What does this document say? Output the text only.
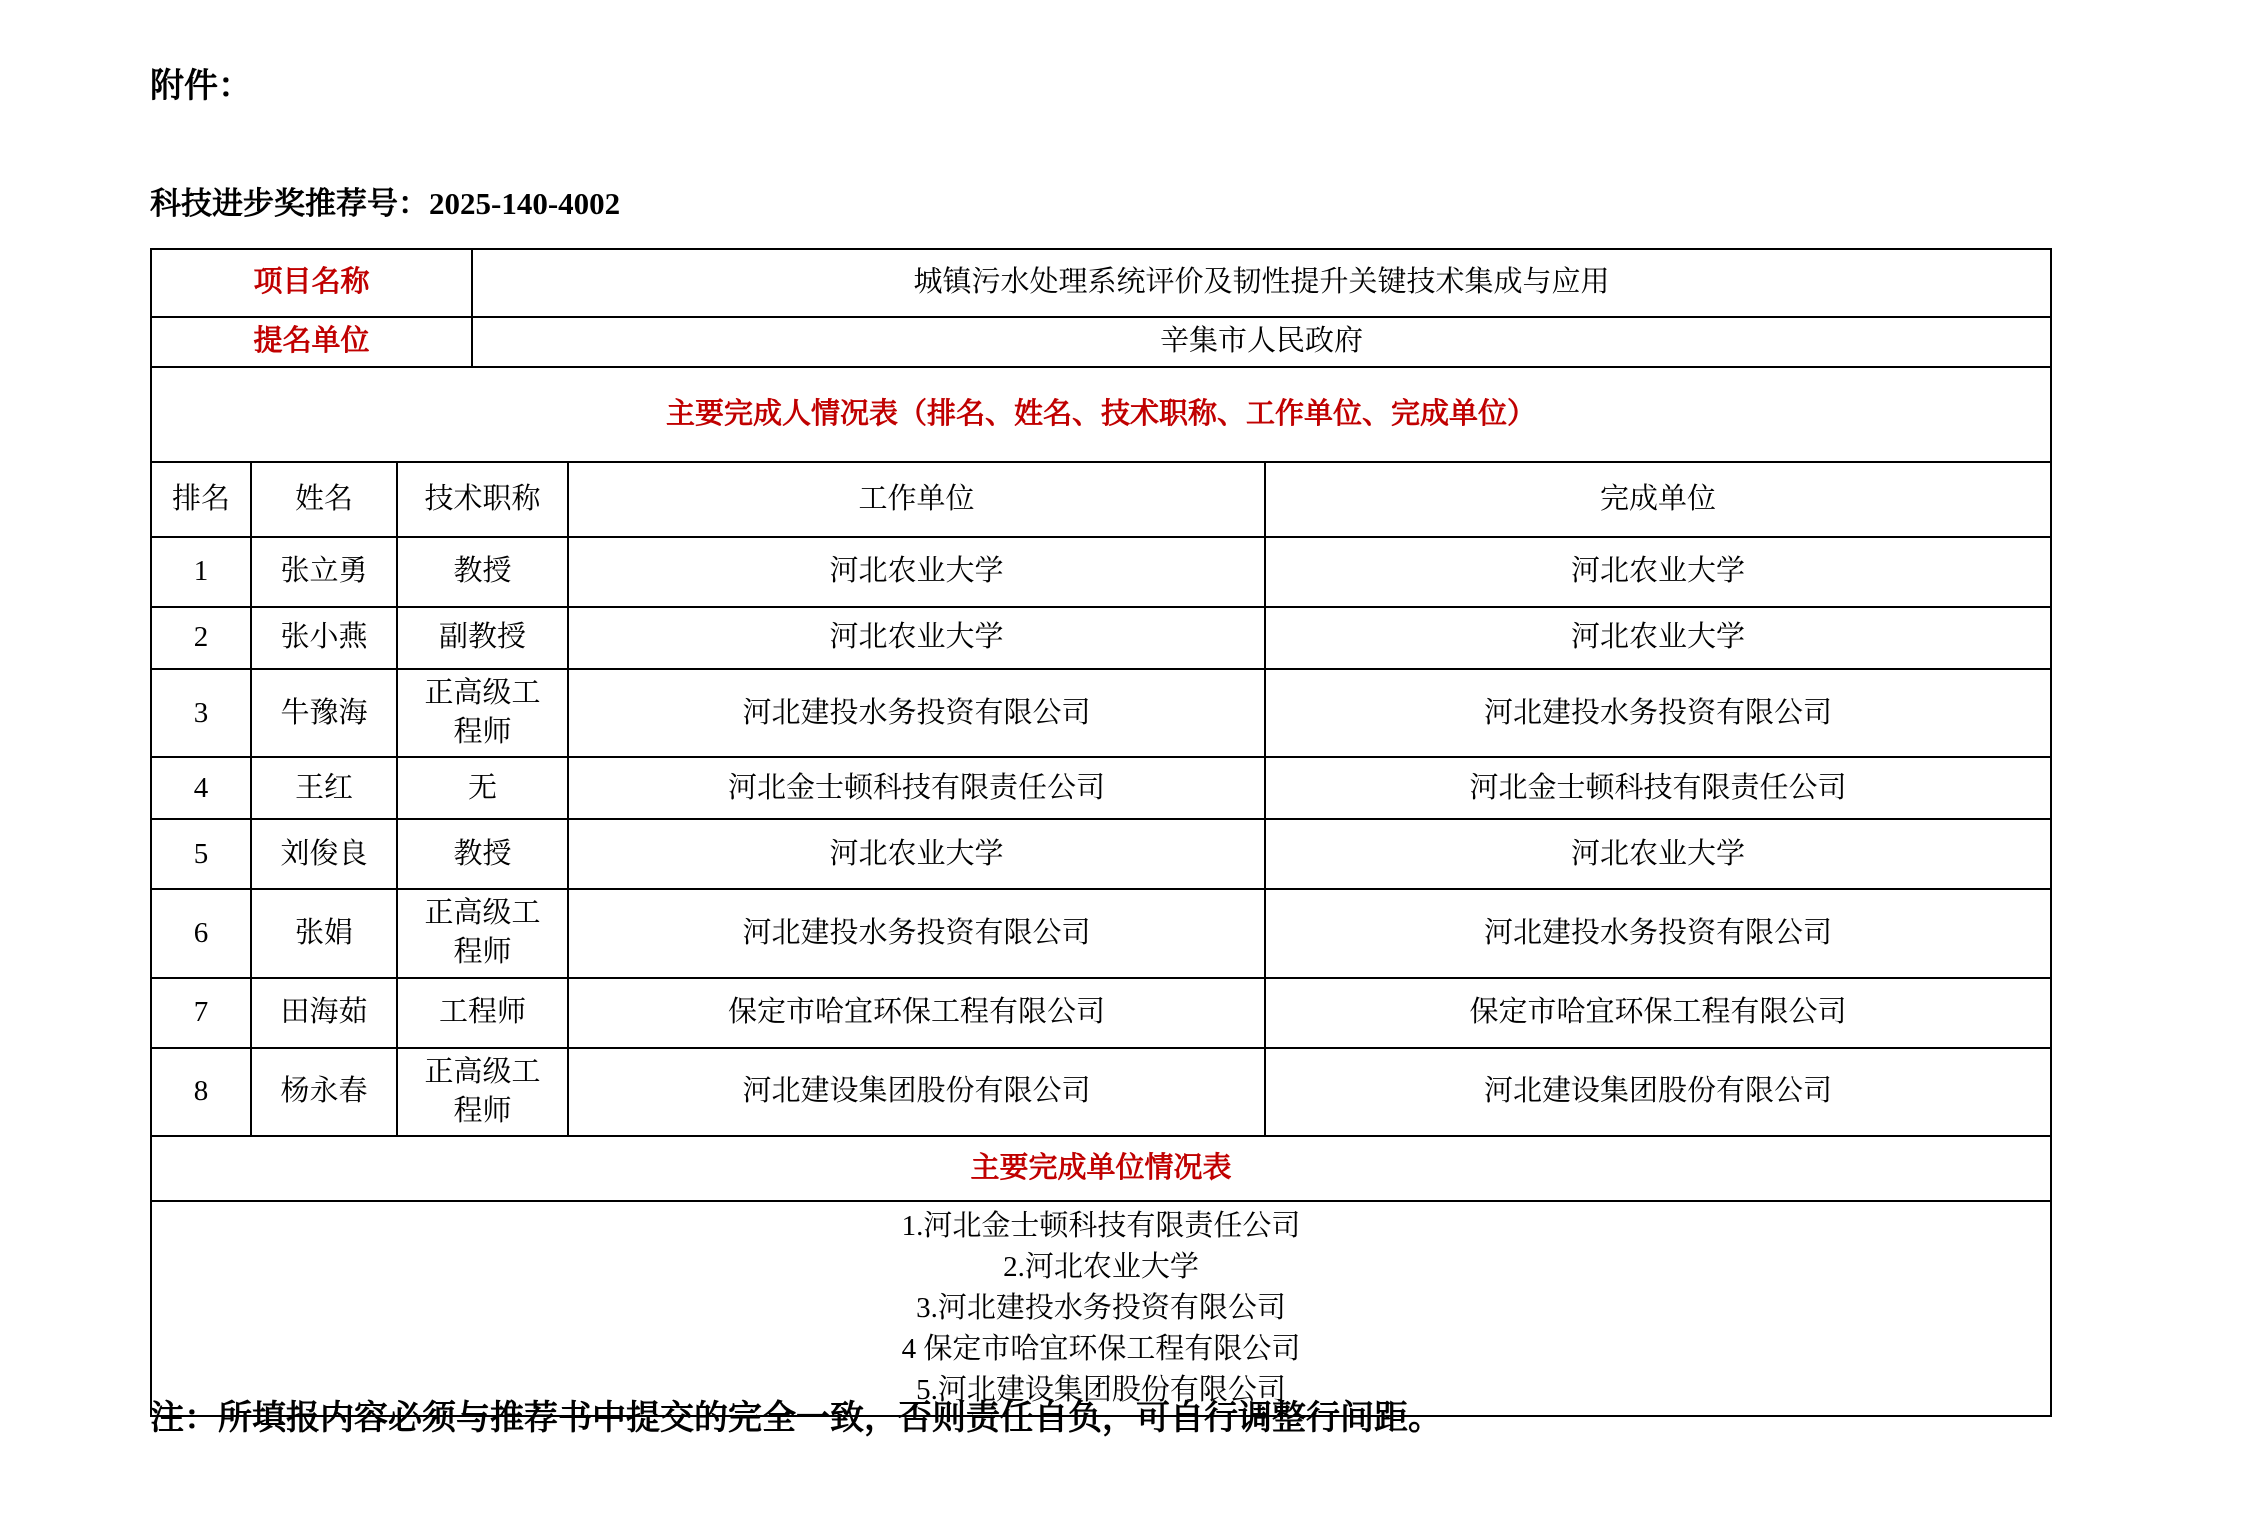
附件：
科技进步奖推荐号：2025-140-4002
项目名称			城镇污水处理系统评价及韧性提升关键技术集成与应用		
提名单位			辛集市人民政府		
主要完成人情况表（排名、姓名、技术职称、工作单位、完成单位）					
排名	姓名	技术职称		工作单位	完成单位
1	张立勇	教授		河北农业大学	河北农业大学
2	张小燕	副教授		河北农业大学	河北农业大学
3	牛豫海	正高级工程师		河北建投水务投资有限公司	河北建投水务投资有限公司
4	王红	无		河北金士顿科技有限责任公司	河北金士顿科技有限责任公司
5	刘俊良	教授		河北农业大学	河北农业大学
6	张娟	正高级工程师		河北建投水务投资有限公司	河北建投水务投资有限公司
7	田海茹	工程师		保定市哈宜环保工程有限公司	保定市哈宜环保工程有限公司
8	杨永春	正高级工程师		河北建设集团股份有限公司	河北建设集团股份有限公司
主要完成单位情况表					

1.河北金士顿科技有限责任公司
2.河北农业大学
3.河北建投水务投资有限公司
4 保定市哈宜环保工程有限公司
5.河北建设集团股份有限公司					
注：所填报内容必须与推荐书中提交的完全一致，否则责任自负，可自行调整行间距。
